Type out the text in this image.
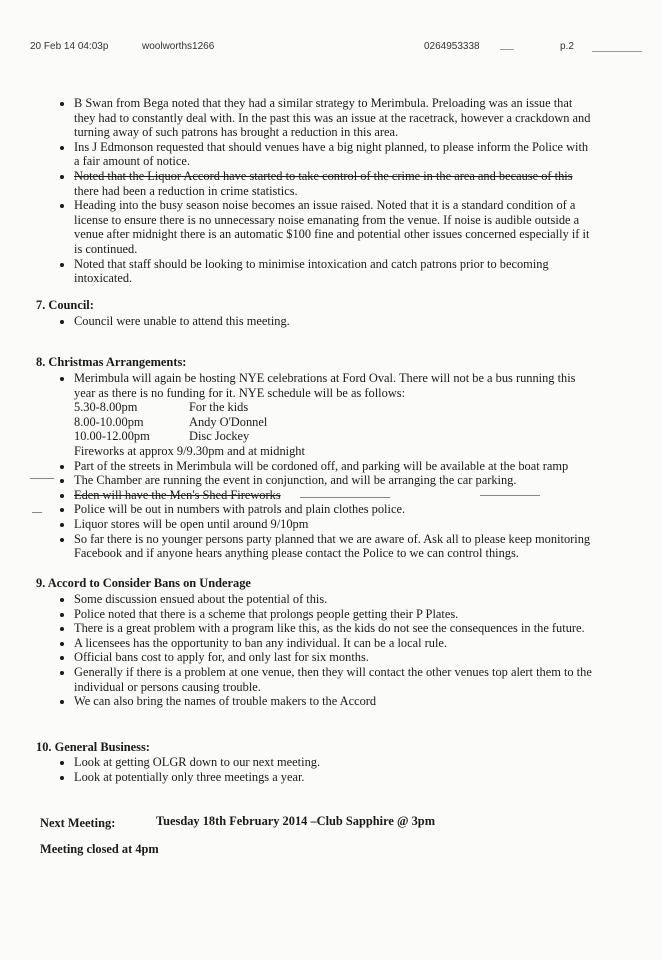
20 Feb 14 04:03p	woolworths1266	0264953338	p.2
B Swan from Bega noted that they had a similar strategy to Merimbula. Preloading was an issue that they had to constantly deal with. In the past this was an issue at the racetrack, however a crackdown and turning away of such patrons has brought a reduction in this area.
Ins J Edmonson requested that should venues have a big night planned, to please inform the Police with a fair amount of notice.
Noted that the Liquor Accord have started to take control of the crime in the area and because of this there had been a reduction in crime statistics.
Heading into the busy season noise becomes an issue raised. Noted that it is a standard condition of a license to ensure there is no unnecessary noise emanating from the venue. If noise is audible outside a venue after midnight there is an automatic $100 fine and potential other issues concerned especially if it is continued.
Noted that staff should be looking to minimise intoxication and catch patrons prior to becoming intoxicated.
7. Council:
Council were unable to attend this meeting.
8. Christmas Arrangements:
Merimbula will again be hosting NYE celebrations at Ford Oval. There will not be a bus running this year as there is no funding for it. NYE schedule will be as follows:
5.30-8.00pm	For the kids
8.00-10.00pm	Andy O'Donnel
10.00-12.00pm	Disc Jockey
Fireworks at approx 9/9.30pm and at midnight
Part of the streets in Merimbula will be cordoned off, and parking will be available at the boat ramp
The Chamber are running the event in conjunction, and will be arranging the car parking.
Eden will have the Men's Shed Fireworks
Police will be out in numbers with patrols and plain clothes police.
Liquor stores will be open until around 9/10pm
So far there is no younger persons party planned that we are aware of. Ask all to please keep monitoring Facebook and if anyone hears anything please contact the Police to we can control things.
9. Accord to Consider Bans on Underage
Some discussion ensued about the potential of this.
Police noted that there is a scheme that prolongs people getting their P Plates.
There is a great problem with a program like this, as the kids do not see the consequences in the future.
A licensees has the opportunity to ban any individual. It can be a local rule.
Official bans cost to apply for, and only last for six months.
Generally if there is a problem at one venue, then they will contact the other venues top alert them to the individual or persons causing trouble.
We can also bring the names of trouble makers to the Accord
10. General Business:
Look at getting OLGR down to our next meeting.
Look at potentially only three meetings a year.
Next Meeting:	Tuesday 18th February 2014 –Club Sapphire @ 3pm
Meeting closed at 4pm
